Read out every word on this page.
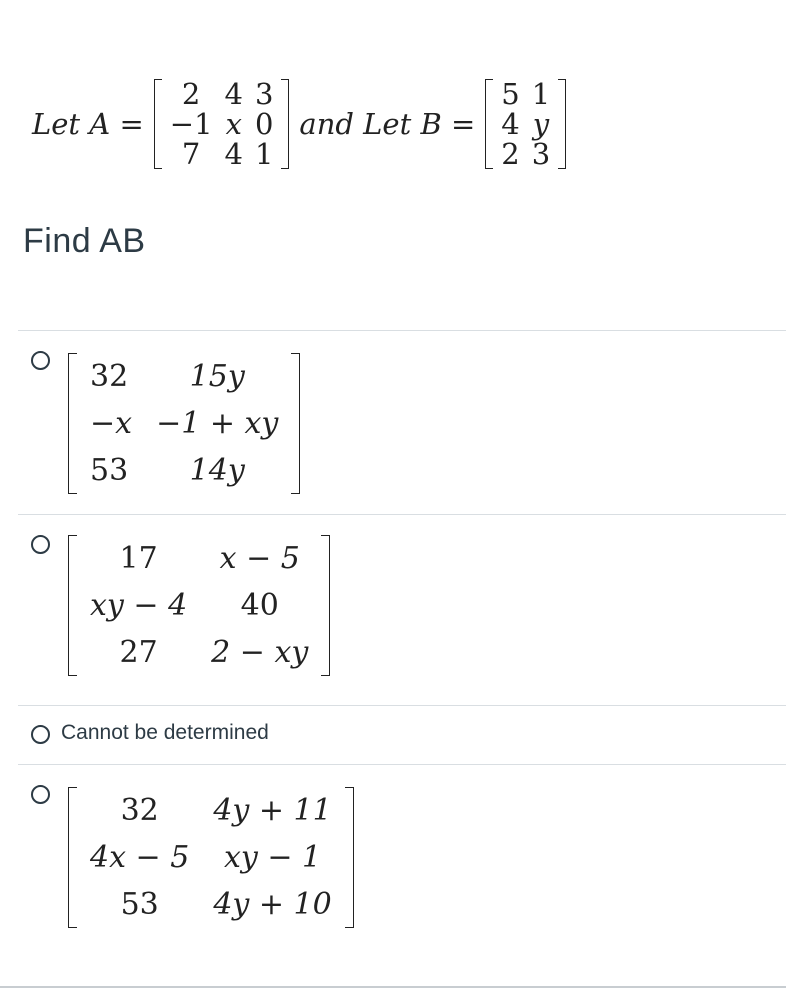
Let A =
2	4	3
−1	x	0
7	4	1
and Let B =
5	1
4	y
2	3
Find AB
32	15y
−x	−1 + xy
53	14y
17	x − 5
xy − 4	40
27	2 − xy
Cannot be determined
32	4y + 11
4x − 5	xy − 1
53	4y + 10
